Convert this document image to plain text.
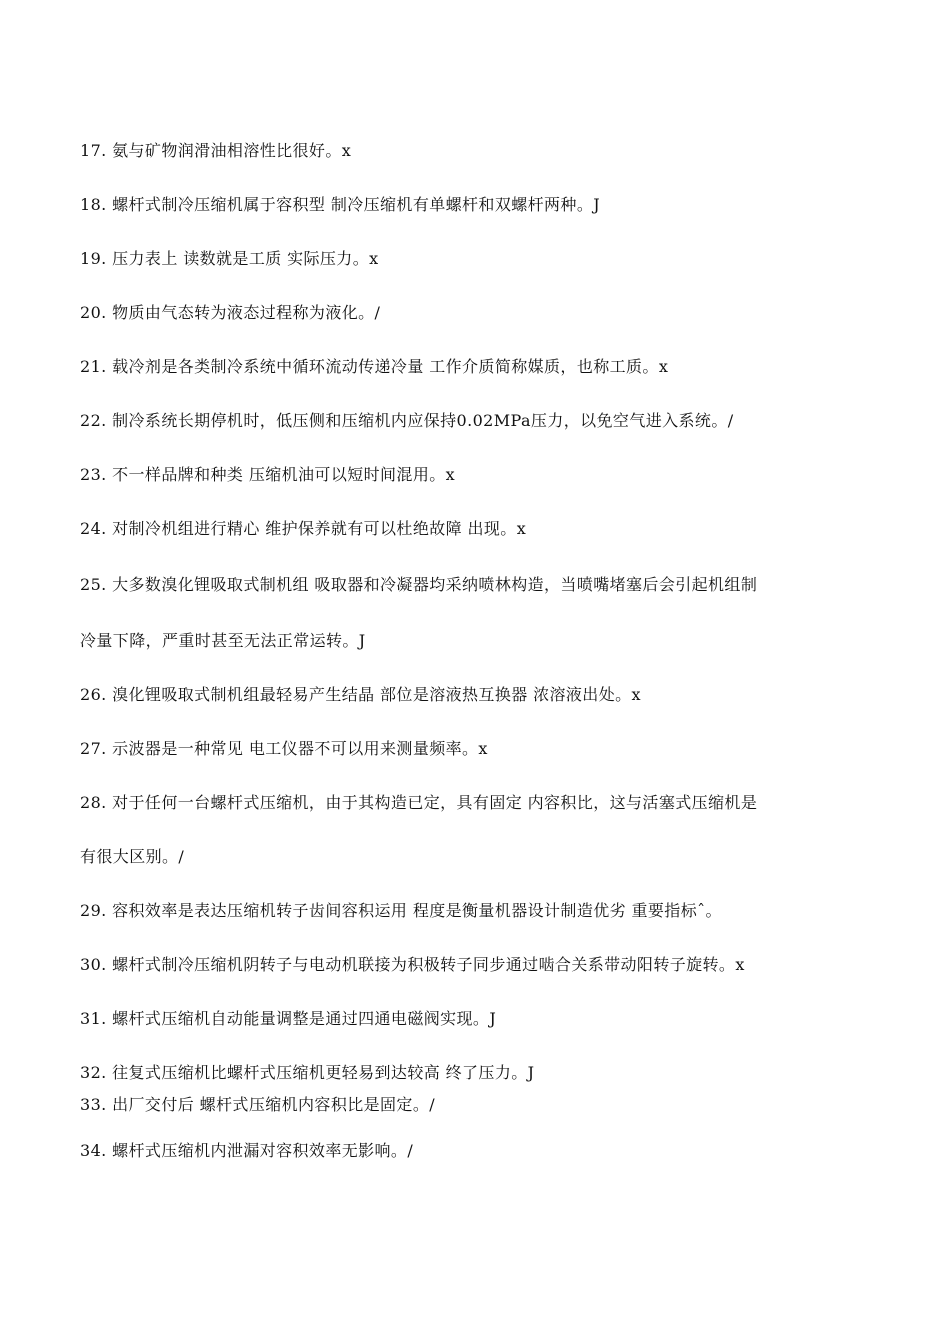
17. 氨与矿物润滑油相溶性比很好。x
18. 螺杆式制冷压缩机属于容积型 制冷压缩机有单螺杆和双螺杆两种。J
19. 压力表上 读数就是工质 实际压力。x
20. 物质由气态转为液态过程称为液化。/
21. 载冷剂是各类制冷系统中循环流动传递冷量 工作介质简称媒质，也称工质。x
22. 制冷系统长期停机时，低压侧和压缩机内应保持0.02MPa压力，以免空气进入系统。/
23. 不一样品牌和种类 压缩机油可以短时间混用。x
24. 对制冷机组进行精心 维护保养就有可以杜绝故障 出现。x
25. 大多数溴化锂吸取式制机组 吸取器和冷凝器均采纳喷林构造，当喷嘴堵塞后会引起机组制
冷量下降，严重时甚至无法正常运转。J
26. 溴化锂吸取式制机组最轻易产生结晶 部位是溶液热互换器 浓溶液出处。x
27. 示波器是一种常见 电工仪器不可以用来测量频率。x
28. 对于任何一台螺杆式压缩机，由于其构造已定，具有固定 内容积比，这与活塞式压缩机是
有很大区别。/
29. 容积效率是表达压缩机转子齿间容积运用 程度是衡量机器设计制造优劣 重要指标ˆ。
30. 螺杆式制冷压缩机阴转子与电动机联接为积极转子同步通过啮合关系带动阳转子旋转。x
31. 螺杆式压缩机自动能量调整是通过四通电磁阀实现。J
32. 往复式压缩机比螺杆式压缩机更轻易到达较高 终了压力。J
33. 出厂交付后 螺杆式压缩机内容积比是固定。/
34. 螺杆式压缩机内泄漏对容积效率无影响。/
